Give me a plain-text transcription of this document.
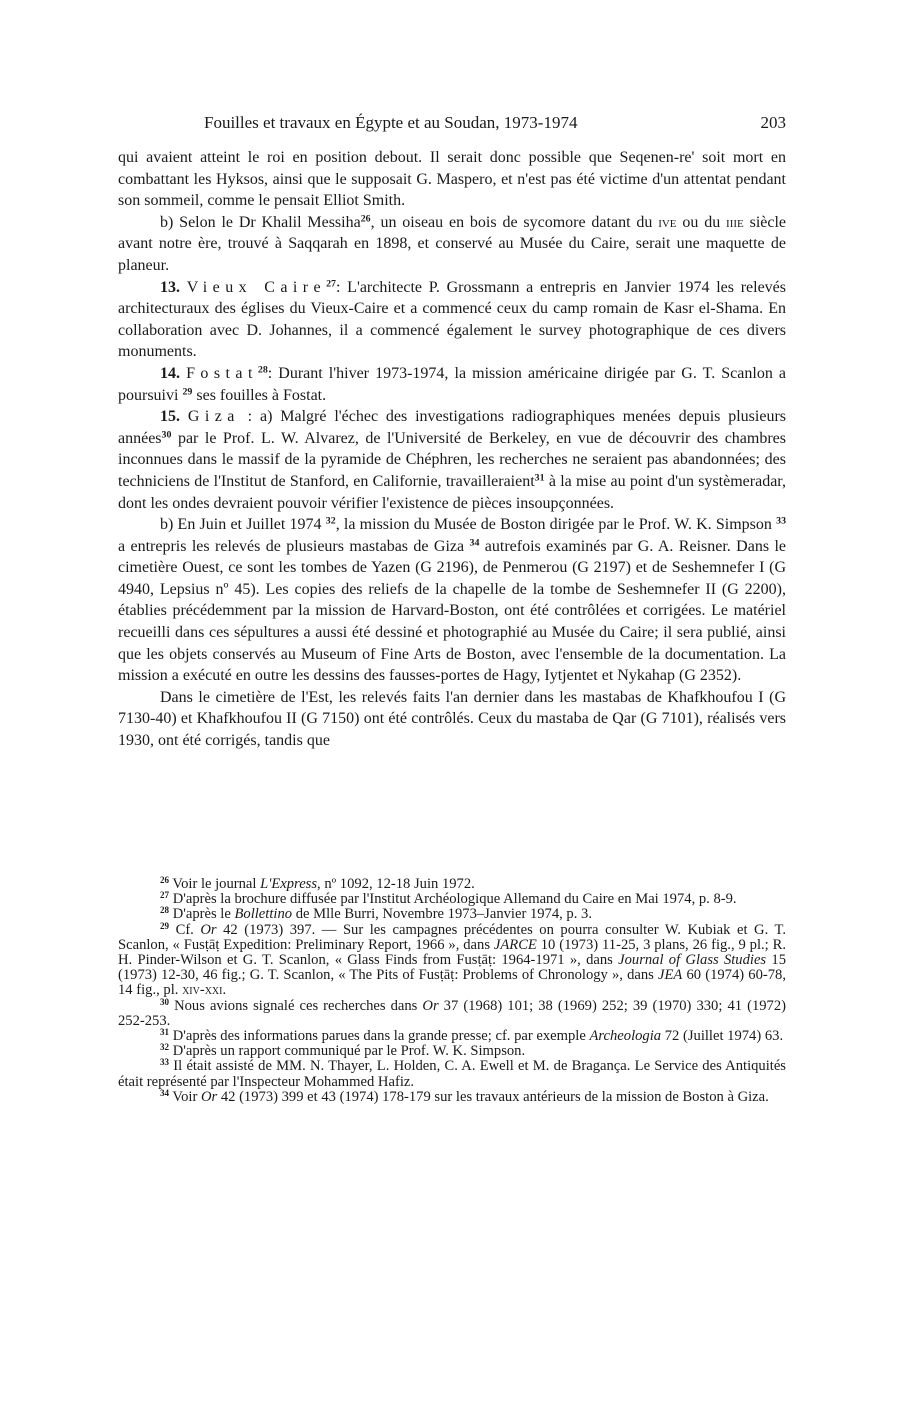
Fouilles et travaux en Égypte et au Soudan, 1973-1974	203

qui avaient atteint le roi en position debout. Il serait donc possible que Seqenen-re' soit mort en combattant les Hyksos, ainsi que le supposait G. Maspero, et n'est pas été victime d'un attentat pendant son sommeil, comme le pensait Elliot Smith.

b) Selon le Dr Khalil Messiha$^{26}$, un oiseau en bois de sycomore datant du ive ou du iiie siècle avant notre ère, trouvé à Saqqarah en 1898, et conservé au Musée du Caire, serait une maquette de planeur.

13. Vieux Caire$^{27}$: L'architecte P. Grossmann a entrepris en Janvier 1974 les relevés architecturaux des églises du Vieux-Caire et a commencé ceux du camp romain de Kasr el-Shama. En collaboration avec D. Johannes, il a commencé également le survey photographique de ces divers monuments.

14. Fostat$^{28}$: Durant l'hiver 1973-1974, la mission américaine dirigée par G. T. Scanlon a poursuivi $^{29}$ ses fouilles à Fostat.

15. Giza : a) Malgré l'échec des investigations radiographiques menées depuis plusieurs années$^{30}$ par le Prof. L. W. Alvarez, de l'Université de Berkeley, en vue de découvrir des chambres inconnues dans le massif de la pyramide de Chéphren, les recherches ne seraient pas abandonnées; des techniciens de l'Institut de Stanford, en Californie, travailleraient$^{31}$ à la mise au point d'un systèmeradar, dont les ondes devraient pouvoir vérifier l'existence de pièces insoupçonnées.

b) En Juin et Juillet 1974 $^{32}$, la mission du Musée de Boston dirigée par le Prof. W. K. Simpson $^{33}$ a entrepris les relevés de plusieurs mastabas de Giza $^{34}$ autrefois examinés par G. A. Reisner. Dans le cimetière Ouest, ce sont les tombes de Yazen (G 2196), de Penmerou (G 2197) et de Seshemnefer I (G 4940, Lepsius nº 45). Les copies des reliefs de la chapelle de la tombe de Seshemnefer II (G 2200), établies précédemment par la mission de Harvard-Boston, ont été contrôlées et corrigées. Le matériel recueilli dans ces sépultures a aussi été dessiné et photographié au Musée du Caire; il sera publié, ainsi que les objets conservés au Museum of Fine Arts de Boston, avec l'ensemble de la documentation. La mission a exécuté en outre les dessins des fausses-portes de Hagy, Iytjentet et Nykahap (G 2352).

Dans le cimetière de l'Est, les relevés faits l'an dernier dans les mastabas de Khafkhoufou I (G 7130-40) et Khafkhoufou II (G 7150) ont été contrôlés. Ceux du mastaba de Qar (G 7101), réalisés vers 1930, ont été corrigés, tandis que

$^{26}$ Voir le journal L'Express, nº 1092, 12-18 Juin 1972.

$^{27}$ D'après la brochure diffusée par l'Institut Archéologique Allemand du Caire en Mai 1974, p. 8-9.

$^{28}$ D'après le Bollettino de Mlle Burri, Novembre 1973–Janvier 1974, p. 3.

$^{29}$ Cf. Or 42 (1973) 397. — Sur les campagnes précédentes on pourra consulter W. Kubiak et G. T. Scanlon, « Fusṭāṭ Expedition: Preliminary Report, 1966 », dans JARCE 10 (1973) 11-25, 3 plans, 26 fig., 9 pl.; R. H. Pinder-Wilson et G. T. Scanlon, « Glass Finds from Fusṭāṭ: 1964-1971 », dans Journal of Glass Studies 15 (1973) 12-30, 46 fig.; G. T. Scanlon, « The Pits of Fusṭāṭ: Problems of Chronology », dans JEA 60 (1974) 60-78, 14 fig., pl. xiv-xxi.

$^{30}$ Nous avions signalé ces recherches dans Or 37 (1968) 101; 38 (1969) 252; 39 (1970) 330; 41 (1972) 252-253.

$^{31}$ D'après des informations parues dans la grande presse; cf. par exemple Archeologia 72 (Juillet 1974) 63.

$^{32}$ D'après un rapport communiqué par le Prof. W. K. Simpson.

$^{33}$ Il était assisté de MM. N. Thayer, L. Holden, C. A. Ewell et M. de Bragança. Le Service des Antiquités était représenté par l'Inspecteur Mohammed Hafiz.

$^{34}$ Voir Or 42 (1973) 399 et 43 (1974) 178-179 sur les travaux antérieurs de la mission de Boston à Giza.
